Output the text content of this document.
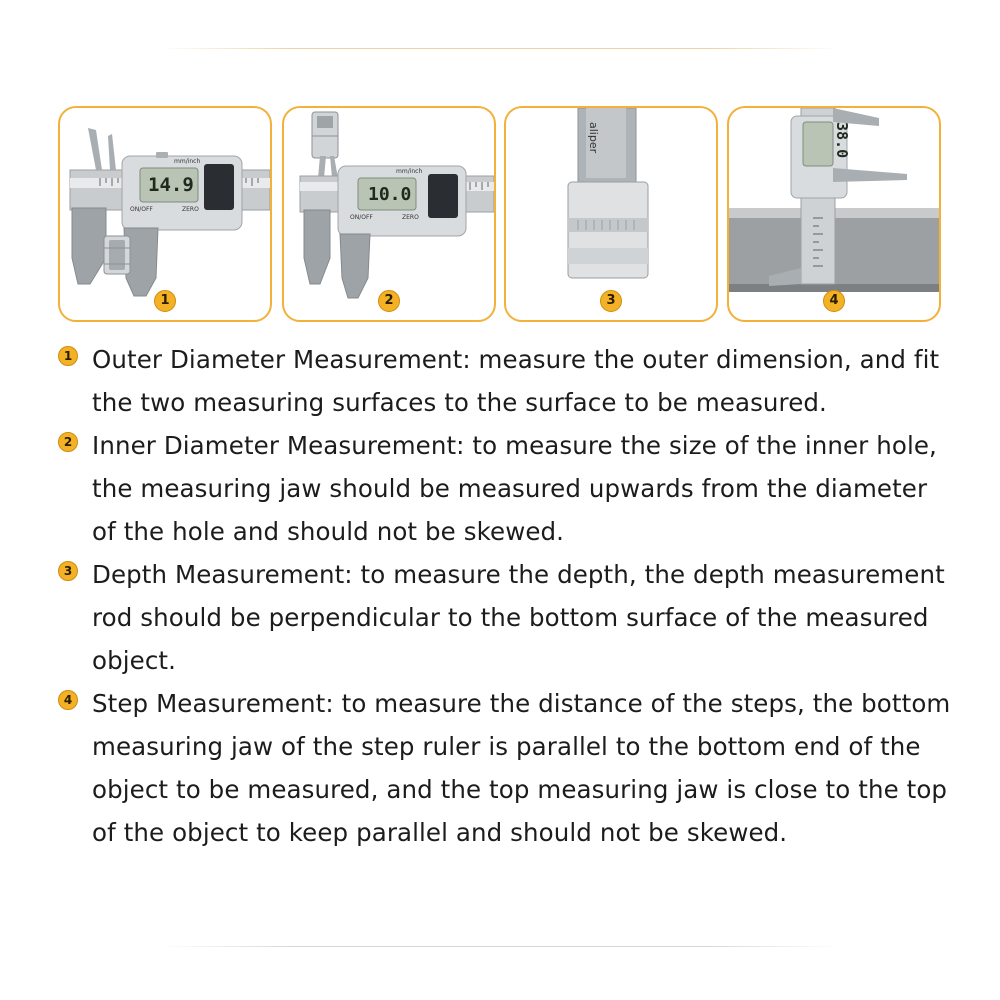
14.9
mm/inch
ON/OFF	ZERO
1
10.0
mm/inch
ON/OFF	ZERO
2
aliper
3
38.0
4
1 Outer Diameter Measurement: measure the outer dimension, and fit the two measuring surfaces to the surface to be measured.
2 Inner Diameter Measurement: to measure the size of the inner hole, the measuring jaw should be measured upwards from the diameter of the hole and should not be skewed.
3 Depth Measurement: to measure the depth, the depth measurement rod should be perpendicular to the bottom surface of the measured object.
4 Step Measurement: to measure the distance of the steps, the bottom measuring jaw of the step ruler is parallel to the bottom end of the object to be measured, and the top measuring jaw is close to the top of the object to keep parallel and should not be skewed.
